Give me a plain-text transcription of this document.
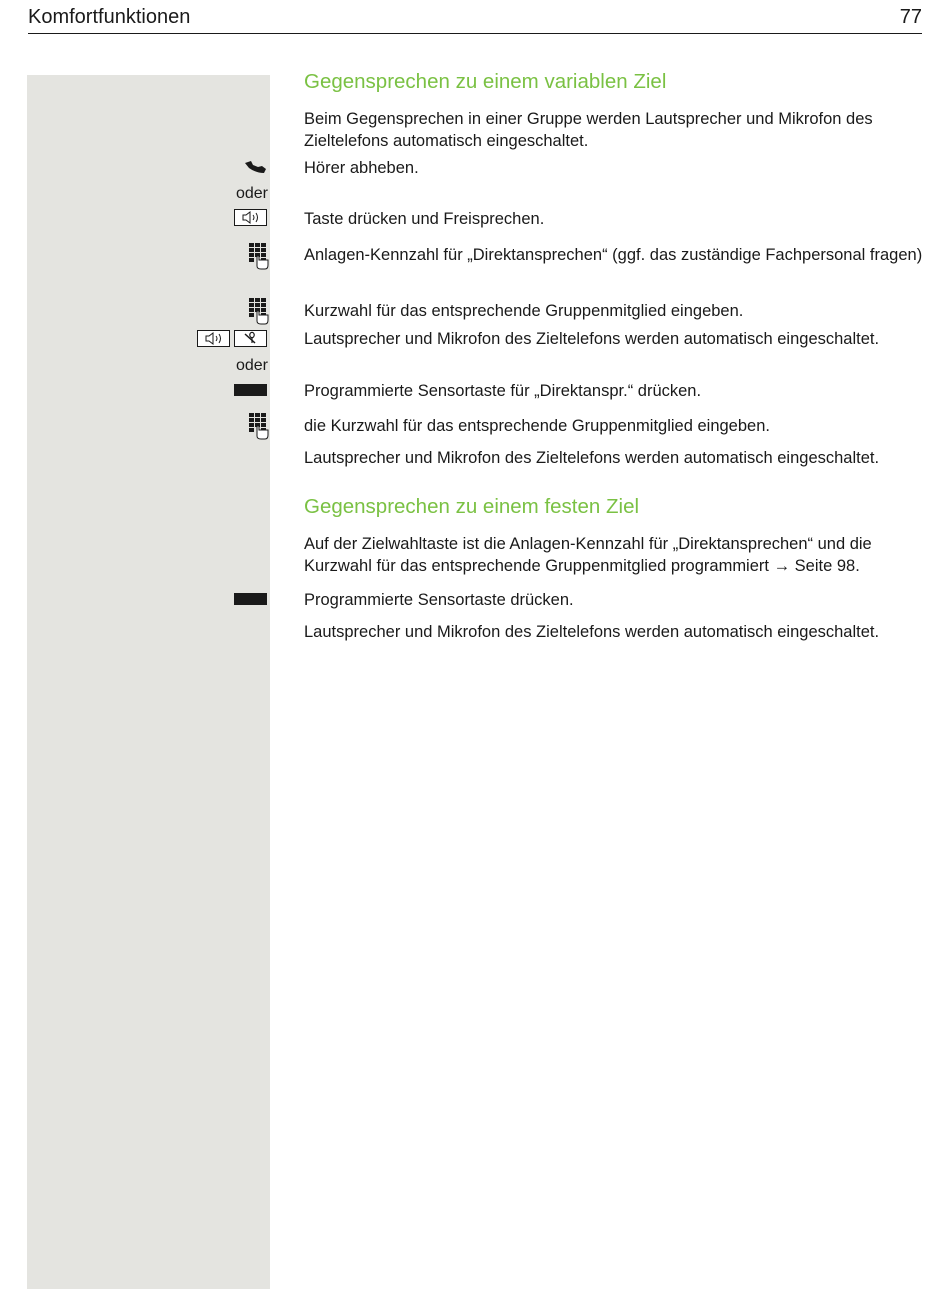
Komfortfunktionen	77
Gegensprechen zu einem variablen Ziel
Beim Gegensprechen in einer Gruppe werden Lautsprecher und Mikrofon des Zieltelefons automatisch eingeschaltet.
Hörer abheben.
oder
Taste drücken und Freisprechen.
Anlagen-Kennzahl für „Direktansprechen“ (ggf. das zuständige Fachpersonal fragen)
Kurzwahl für das entsprechende Gruppenmitglied eingeben.
Lautsprecher und Mikrofon des Zieltelefons werden automatisch eingeschaltet.
oder
Programmierte Sensortaste für „Direktanspr.“ drücken.
die Kurzwahl für das entsprechende Gruppenmitglied eingeben.
Lautsprecher und Mikrofon des Zieltelefons werden automatisch eingeschaltet.
Gegensprechen zu einem festen Ziel
Auf der Zielwahltaste ist die Anlagen-Kennzahl für „Direktansprechen“ und die Kurzwahl für das entsprechende Gruppenmitglied programmiert → Seite 98.
Programmierte Sensortaste drücken.
Lautsprecher und Mikrofon des Zieltelefons werden automatisch eingeschaltet.
